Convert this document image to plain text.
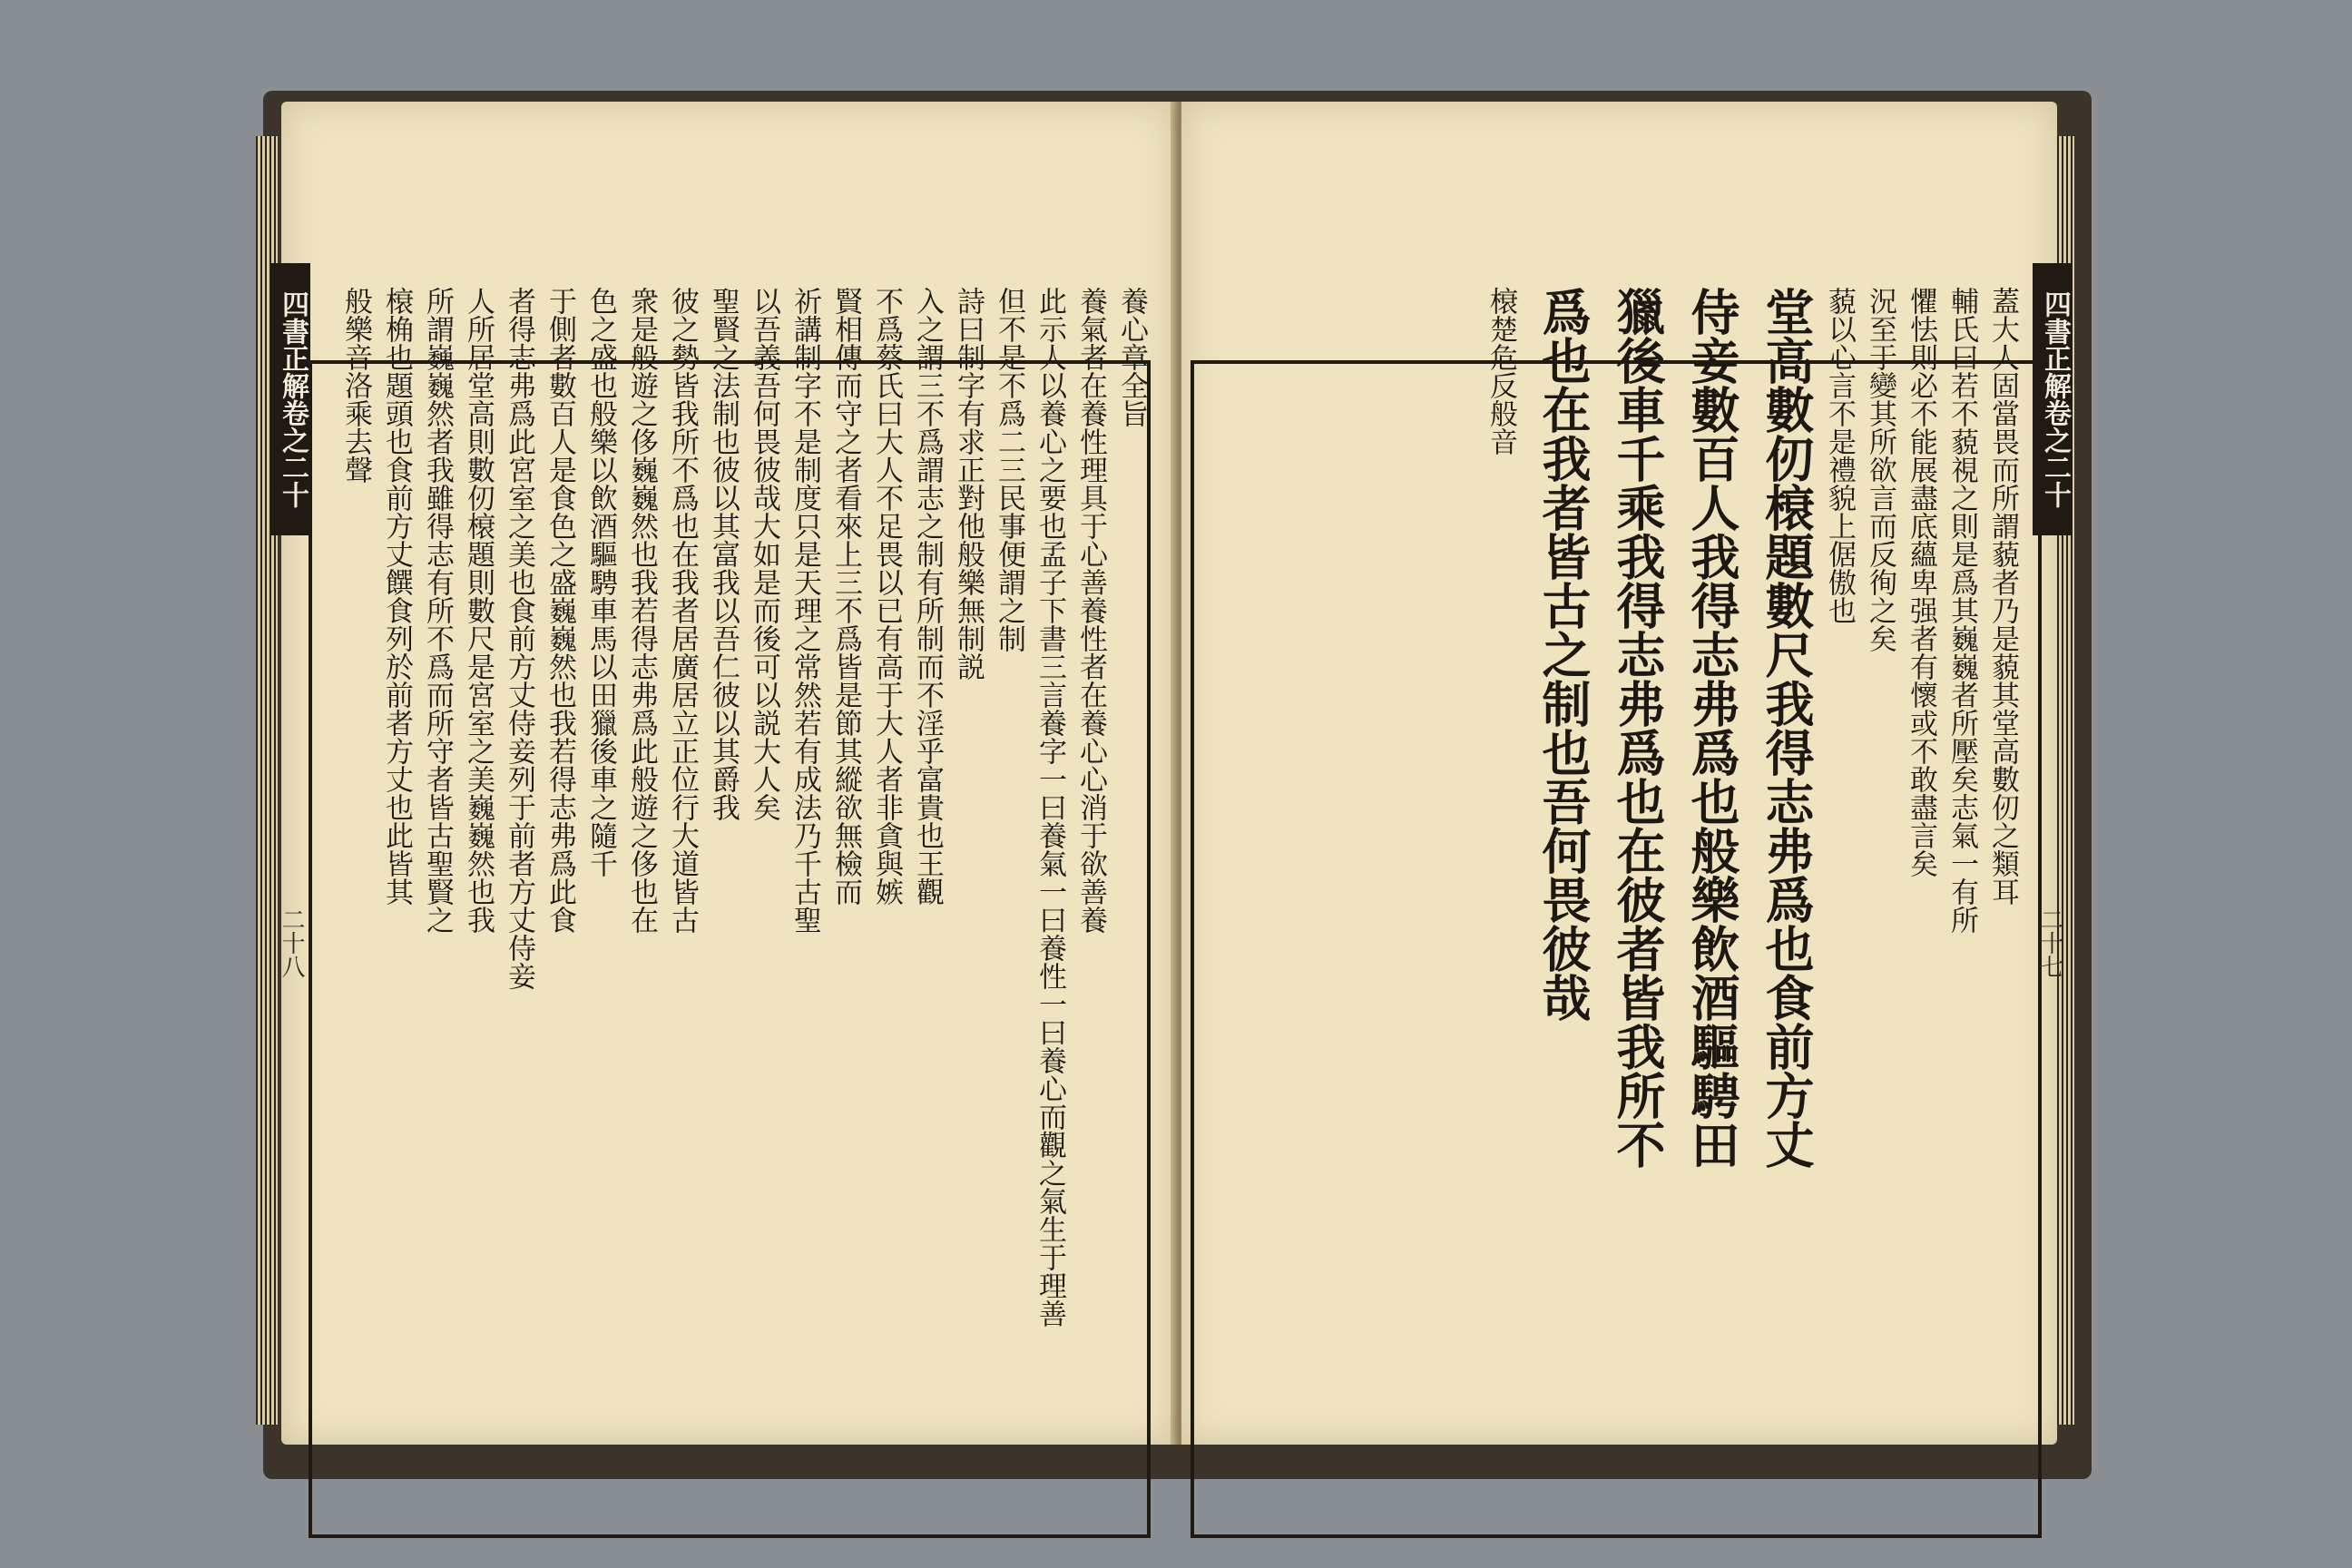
四書正解卷之二十
二十八
養心章全旨
養氣者在養性理具于心善養性者在養心心消于欲善養
此示人以養心之要也孟子下書三言養字一曰養氣一曰養性一曰養心而觀之氣生于理善
但不是不爲二三民事便謂之制
詩曰制字有求正對他般樂無制説
入之謂三不爲謂志之制有所制而不淫乎富貴也王觀
不爲蔡氏曰大人不足畏以已有高于大人者非貪與嫉
賢相傳而守之者看來上三不爲皆是節其縱欲無檢而
祈講制字不是制度只是天理之常然若有成法乃千古聖
以吾義吾何畏彼哉大如是而後可以説大人矣
聖賢之法制也彼以其富我以吾仁彼以其爵我
彼之勢皆我所不爲也在我者居廣居立正位行大道皆古
衆是般遊之侈巍巍然也我若得志弗爲此般遊之侈也在
色之盛也般樂以飲酒驅騁車馬以田獵後車之隨千
于側者數百人是食色之盛巍巍然也我若得志弗爲此食
者得志弗爲此宮室之美也食前方丈侍妾列于前者方丈侍妾
人所居堂高則數仞榱題則數尺是宮室之美巍巍然也我
所謂巍巍然者我雖得志有所不爲而所守者皆古聖賢之
榱桷也題頭也食前方丈饌食列於前者方丈也此皆其
般樂音洛乘去聲	四書正解卷之二十
二十七
蓋大人固當畏而所謂藐者乃是藐其堂高數仞之類耳
輔氏曰若不藐視之則是爲其巍巍者所壓矣志氣一有所
懼怯則必不能展盡底蘊卑强者有懷或不敢盡言矣
況至于變其所欲言而反徇之矣
藐以心言不是禮貌上倨傲也
堂高數仞榱題數尺我得志弗爲也食前方丈
侍妾數百人我得志弗爲也般樂飲酒驅騁田
獵後車千乘我得志弗爲也在彼者皆我所不
爲也在我者皆古之制也吾何畏彼哉
榱楚危反般音
